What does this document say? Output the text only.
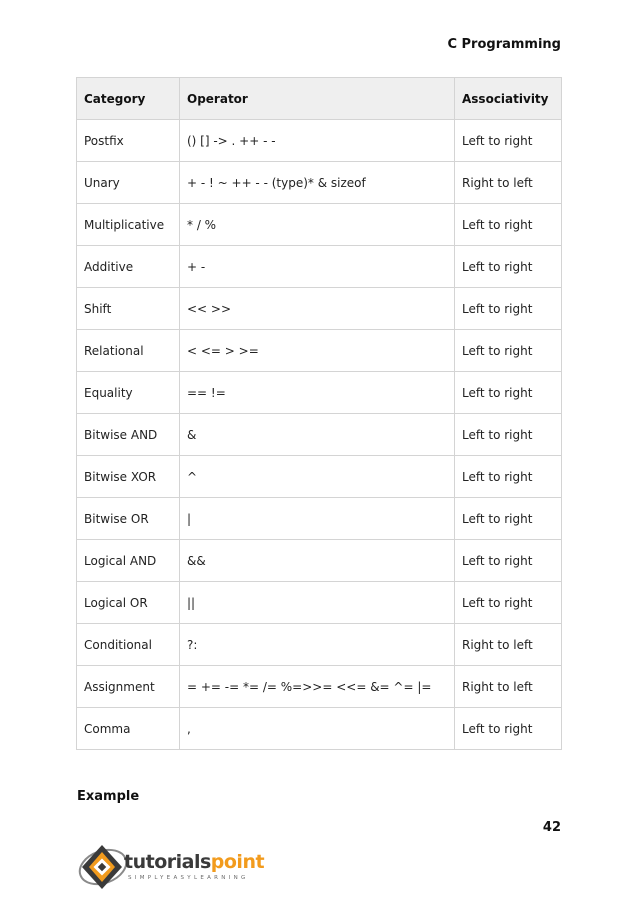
C Programming
Category	Operator	Associativity
Postfix	() [] -> . ++ - -	Left to right
Unary	+ - ! ~ ++ - - (type)* & sizeof	Right to left
Multiplicative	* / %	Left to right
Additive	+ -	Left to right
Shift	<< >>	Left to right
Relational	< <= > >=	Left to right
Equality	== !=	Left to right
Bitwise AND	&	Left to right
Bitwise XOR	^	Left to right
Bitwise OR	|	Left to right
Logical AND	&&	Left to right
Logical OR	||	Left to right
Conditional	?:	Right to left
Assignment	= += -= *= /= %=>>= <<= &= ^= |=	Right to left
Comma	,	Left to right
Example
42
tutorialspoint
SIMPLYEASYLEARNING
